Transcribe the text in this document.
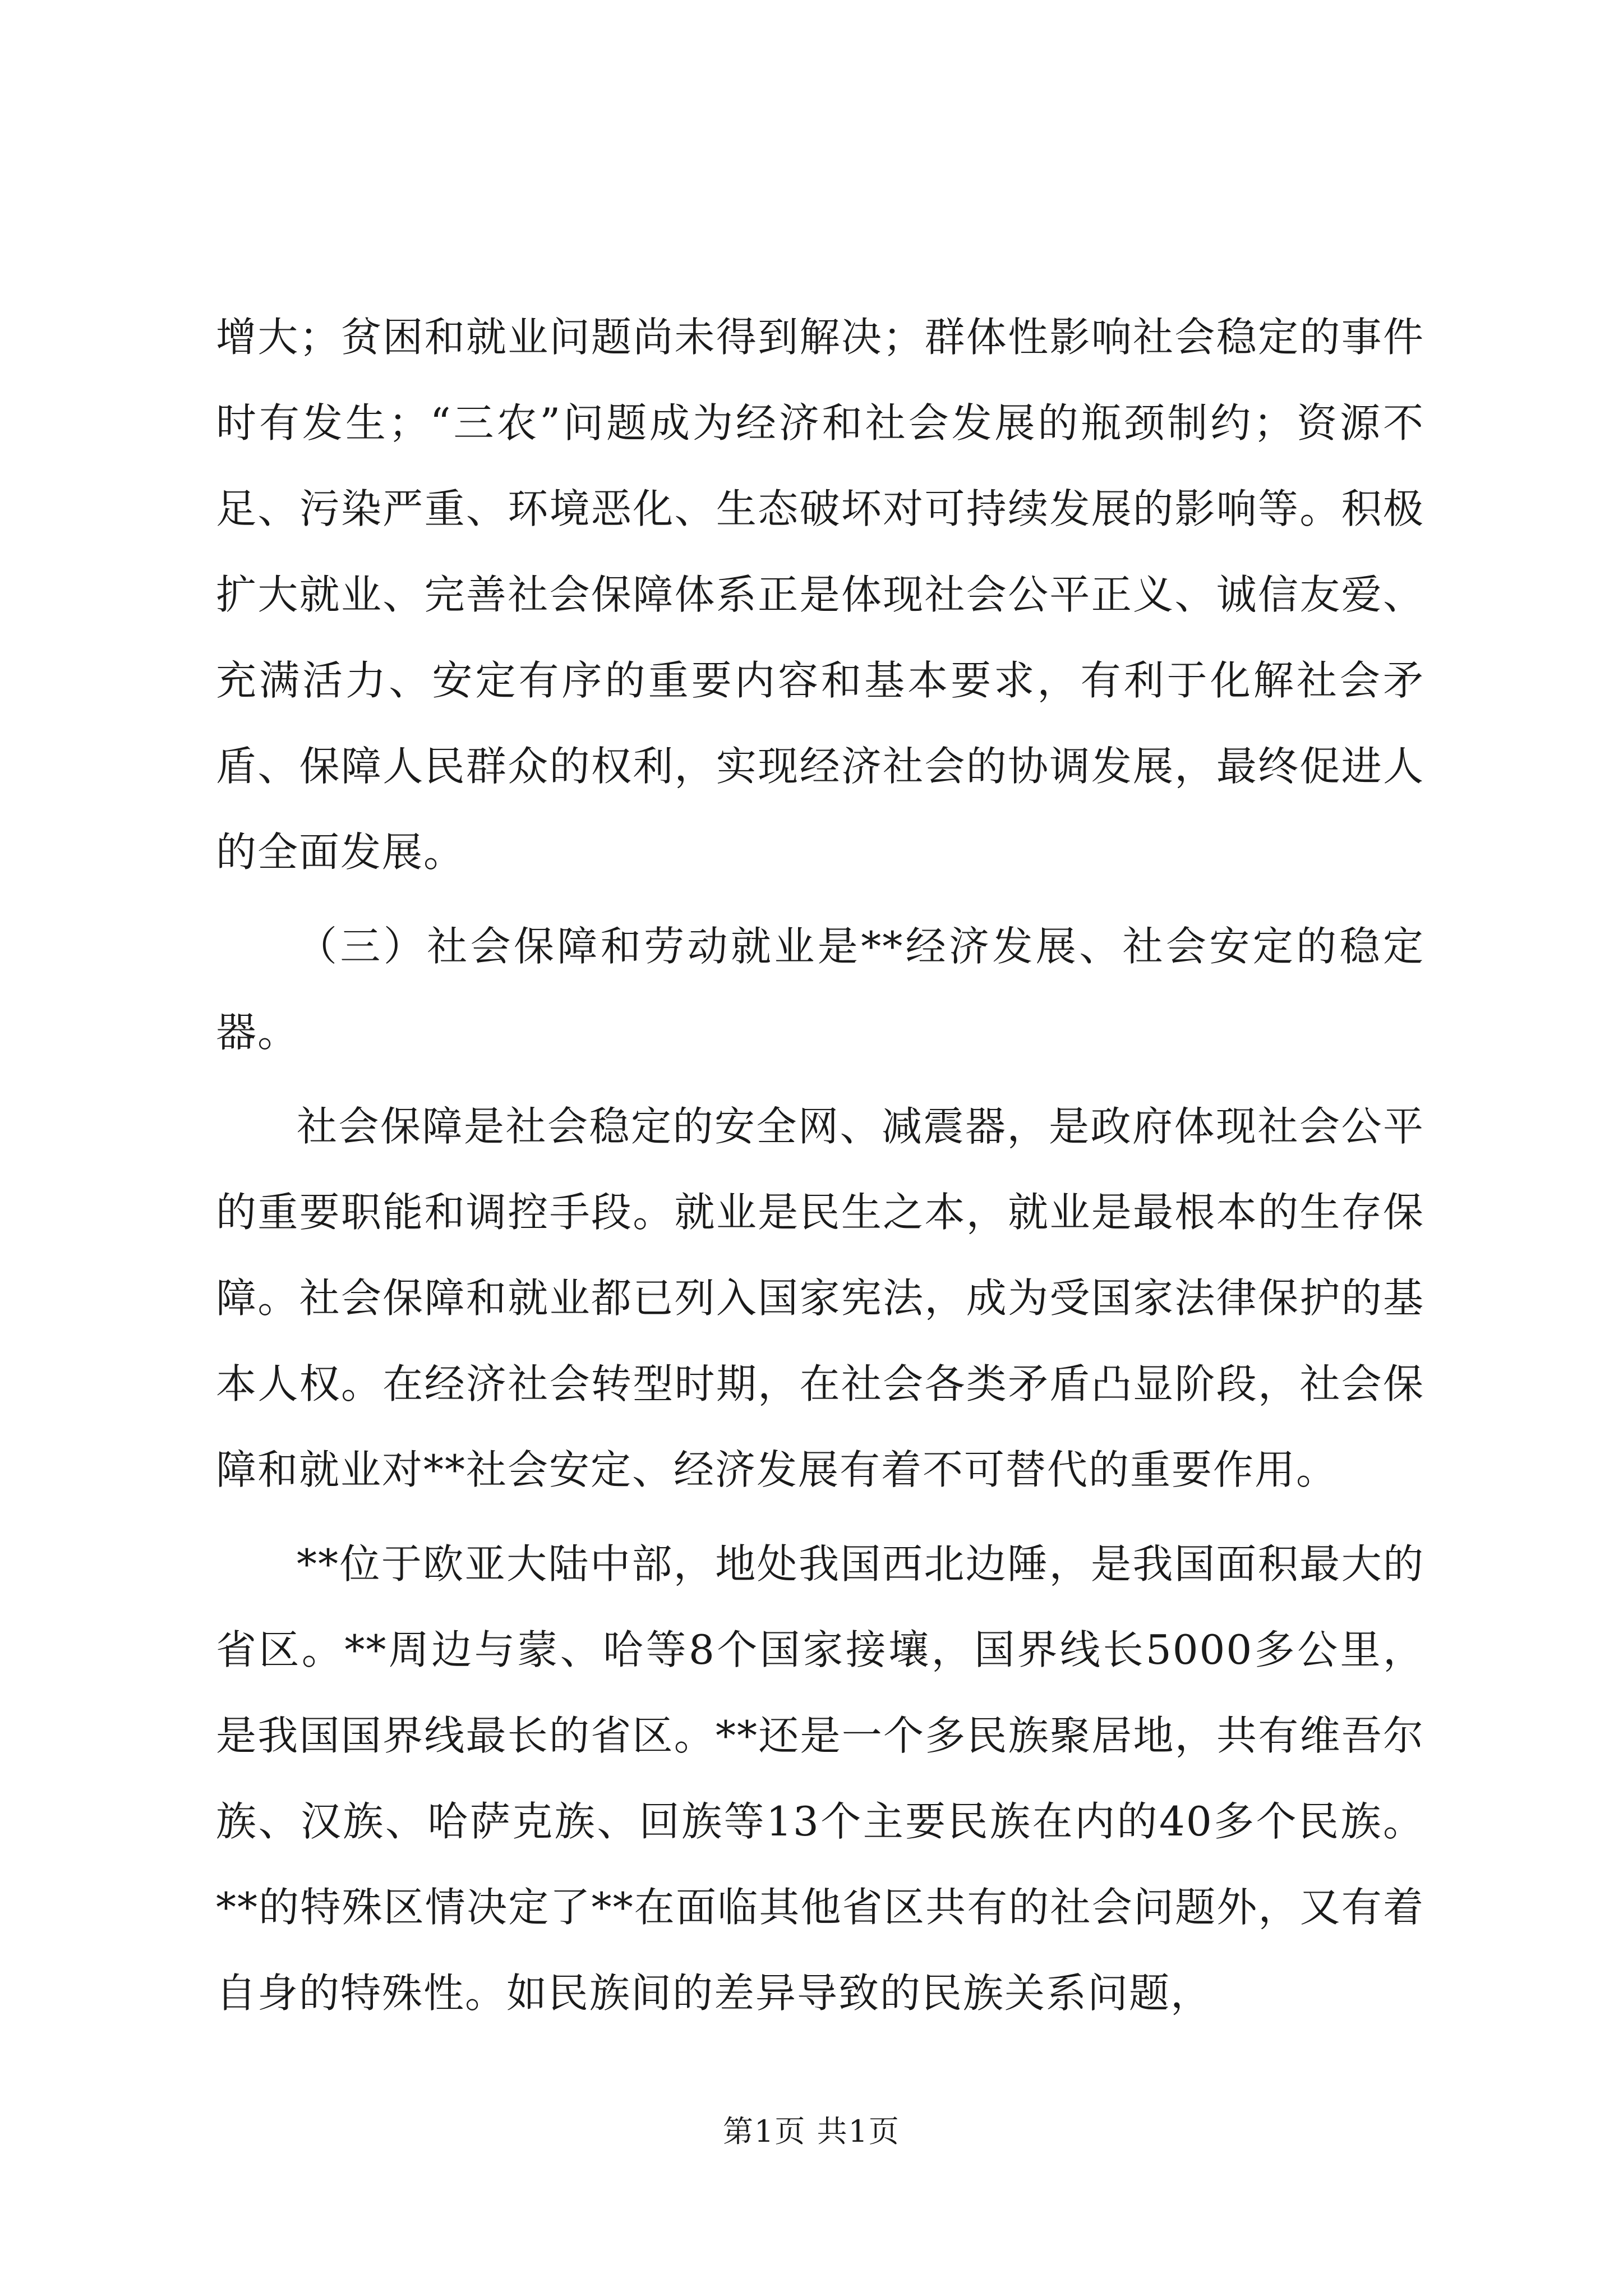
增大；贫困和就业问题尚未得到解决；群体性影响社会稳定的事件时有发生；“三农”问题成为经济和社会发展的瓶颈制约；资源不足、污染严重、环境恶化、生态破坏对可持续发展的影响等。积极扩大就业、完善社会保障体系正是体现社会公平正义、诚信友爱、充满活力、安定有序的重要内容和基本要求，有利于化解社会矛盾、保障人民群众的权利，实现经济社会的协调发展，最终促进人的全面发展。

（三）社会保障和劳动就业是**经济发展、社会安定的稳定器。

社会保障是社会稳定的安全网、减震器，是政府体现社会公平的重要职能和调控手段。就业是民生之本，就业是最根本的生存保障。社会保障和就业都已列入国家宪法，成为受国家法律保护的基本人权。在经济社会转型时期，在社会各类矛盾凸显阶段，社会保障和就业对**社会安定、经济发展有着不可替代的重要作用。

**位于欧亚大陆中部，地处我国西北边陲，是我国面积最大的省区。**周边与蒙、哈等8个国家接壤，国界线长5000多公里，是我国国界线最长的省区。**还是一个多民族聚居地，共有维吾尔族、汉族、哈萨克族、回族等13个主要民族在内的40多个民族。**的特殊区情决定了**在面临其他省区共有的社会问题外，又有着自身的特殊性。如民族间的差异导致的民族关系问题，

第1页 共1页
